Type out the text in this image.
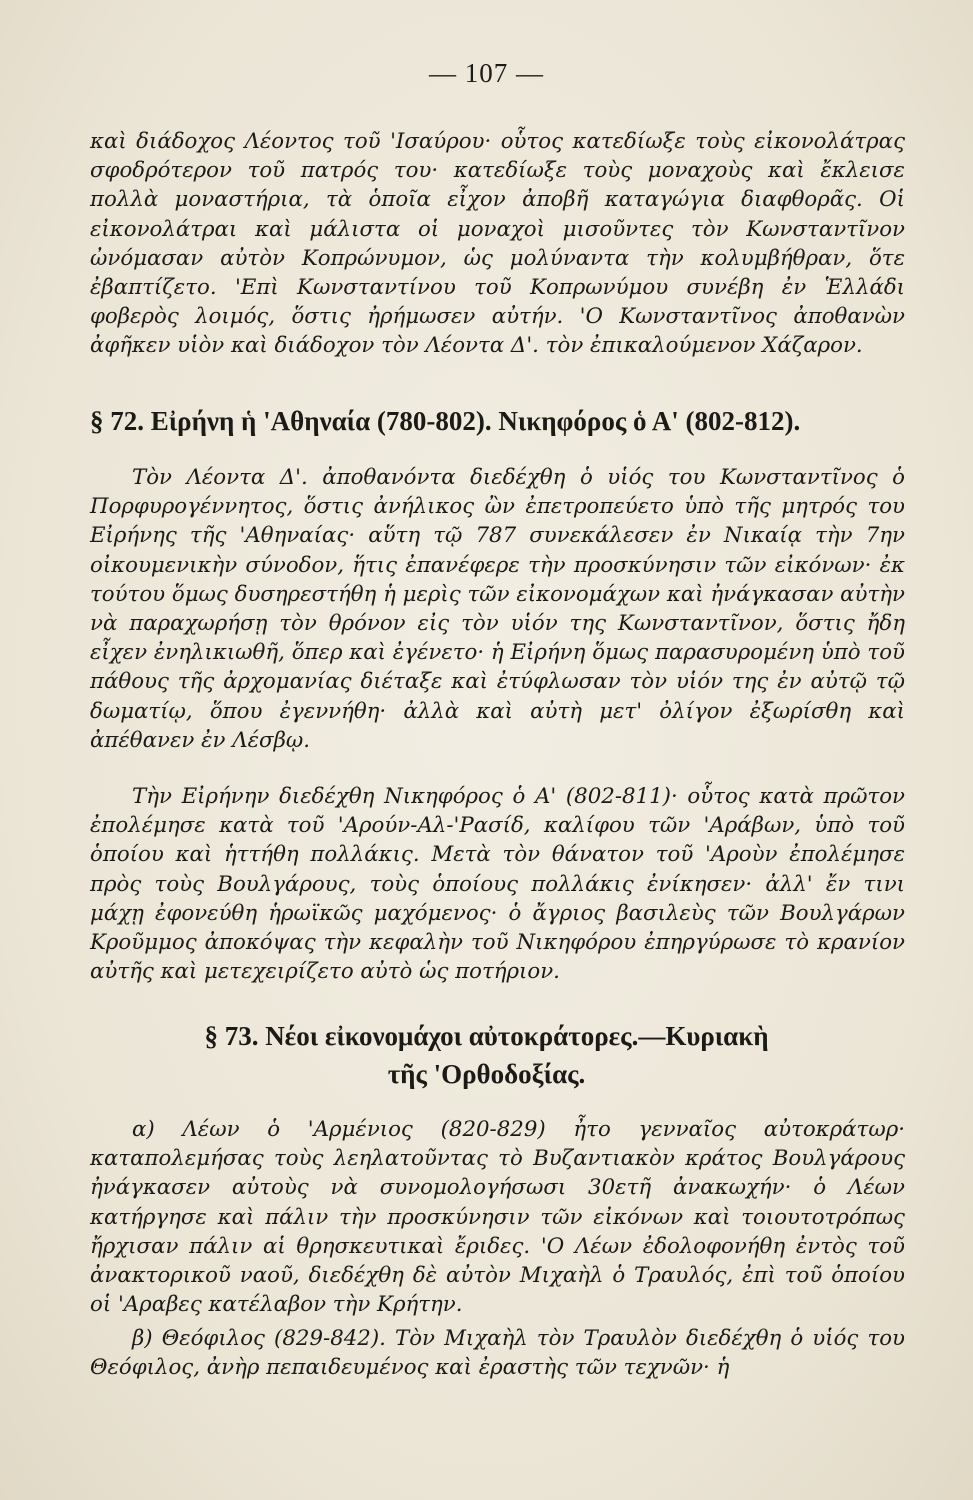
— 107 —

καὶ διάδοχος Λέοντος τοῦ 'Ισαύρου· οὗτος κατεδίωξε τοὺς εἰκονολάτρας σφοδρότερον τοῦ πατρός του· κατεδίωξε τοὺς μοναχοὺς καὶ ἔκλεισε πολλὰ μοναστήρια, τὰ ὁποῖα εἶχον ἀποβῆ καταγώγια διαφθορᾶς. Οἱ εἰκονολάτραι καὶ μάλιστα οἱ μοναχοὶ μισοῦντες τὸν Κωνσταντῖνον ὠνόμασαν αὐτὸν Κοπρώνυμον, ὡς μολύναντα τὴν κολυμβήθραν, ὅτε ἐβαπτίζετο. 'Επὶ Κωνσταντίνου τοῦ Κοπρωνύμου συνέβη ἐν Ἑλλάδι φοβερὸς λοιμός, ὅστις ἠρήμωσεν αὐτήν. 'Ο Κωνσταντῖνος ἀποθανὼν ἀφῆκεν υἱὸν καὶ διάδοχον τὸν Λέοντα Δ'. τὸν ἐπικαλούμενον Χάζαρον.

§ 72. Εἰρήνη ἡ 'Αθηναία (780-802). Νικηφόρος ὁ Α' (802-812).

Τὸν Λέοντα Δ'. ἀποθανόντα διεδέχθη ὁ υἱός του Κωνσταντῖνος ὁ Πορφυρογέννητος, ὅστις ἀνήλικος ὢν ἐπετροπεύετο ὑπὸ τῆς μητρός του Εἰρήνης τῆς 'Αθηναίας· αὕτη τῷ 787 συνεκάλεσεν ἐν Νικαίᾳ τὴν 7ην οἰκουμενικὴν σύνοδον, ἥτις ἐπανέφερε τὴν προσκύνησιν τῶν εἰκόνων· ἐκ τούτου ὅμως δυσηρεστήθη ἡ μερὶς τῶν εἰκονομάχων καὶ ἠνάγκασαν αὐτὴν νὰ παραχωρήσῃ τὸν θρόνον εἰς τὸν υἱόν της Κωνσταντῖνον, ὅστις ἤδη εἶχεν ἐνηλικιωθῆ, ὅπερ καὶ ἐγένετο· ἡ Εἰρήνη ὅμως παρασυρομένη ὑπὸ τοῦ πάθους τῆς ἀρχομανίας διέταξε καὶ ἐτύφλωσαν τὸν υἱόν της ἐν αὐτῷ τῷ δωματίῳ, ὅπου ἐγεννήθη· ἀλλὰ καὶ αὐτὴ μετ' ὀλίγον ἐξωρίσθη καὶ ἀπέθανεν ἐν Λέσβῳ.

Τὴν Εἰρήνην διεδέχθη Νικηφόρος ὁ Α' (802-811)· οὗτος κατὰ πρῶτον ἐπολέμησε κατὰ τοῦ 'Αρούν-Αλ-'Ρασίδ, καλίφου τῶν 'Αράβων, ὑπὸ τοῦ ὁποίου καὶ ἡττήθη πολλάκις. Μετὰ τὸν θάνατον τοῦ 'Αροὺν ἐπολέμησε πρὸς τοὺς Βουλγάρους, τοὺς ὁποίους πολλάκις ἐνίκησεν· ἀλλ' ἔν τινι μάχῃ ἐφονεύθη ἡρωϊκῶς μαχόμενος· ὁ ἄγριος βασιλεὺς τῶν Βουλγάρων Κροῦμμος ἀποκόψας τὴν κεφαλὴν τοῦ Νικηφόρου ἐπηργύρωσε τὸ κρανίον αὐτῆς καὶ μετεχειρίζετο αὐτὸ ὡς ποτήριον.

§ 73. Νέοι εἰκονομάχοι αὐτοκράτορες.—Κυριακὴ
τῆς 'Ορθοδοξίας.

α) Λέων ὁ 'Αρμένιος (820-829) ἦτο γενναῖος αὐτοκράτωρ· καταπολεμήσας τοὺς λεηλατοῦντας τὸ Βυζαντιακὸν κράτος Βουλγάρους ἠνάγκασεν αὐτοὺς νὰ συνομολογήσωσι 30ετῆ ἀνακωχήν· ὁ Λέων κατήργησε καὶ πάλιν τὴν προσκύνησιν τῶν εἰκόνων καὶ τοιουτοτρόπως ἤρχισαν πάλιν αἱ θρησκευτικαὶ ἔριδες. 'Ο Λέων ἐδολοφονήθη ἐντὸς τοῦ ἀνακτορικοῦ ναοῦ, διεδέχθη δὲ αὐτὸν Μιχαὴλ ὁ Τραυλός, ἐπὶ τοῦ ὁποίου οἱ 'Αραβες κατέλαβον τὴν Κρήτην.

β) Θεόφιλος (829-842). Τὸν Μιχαὴλ τὸν Τραυλὸν διεδέχθη ὁ υἱός του Θεόφιλος, ἀνὴρ πεπαιδευμένος καὶ ἐραστὴς τῶν τεχνῶν· ἡ
